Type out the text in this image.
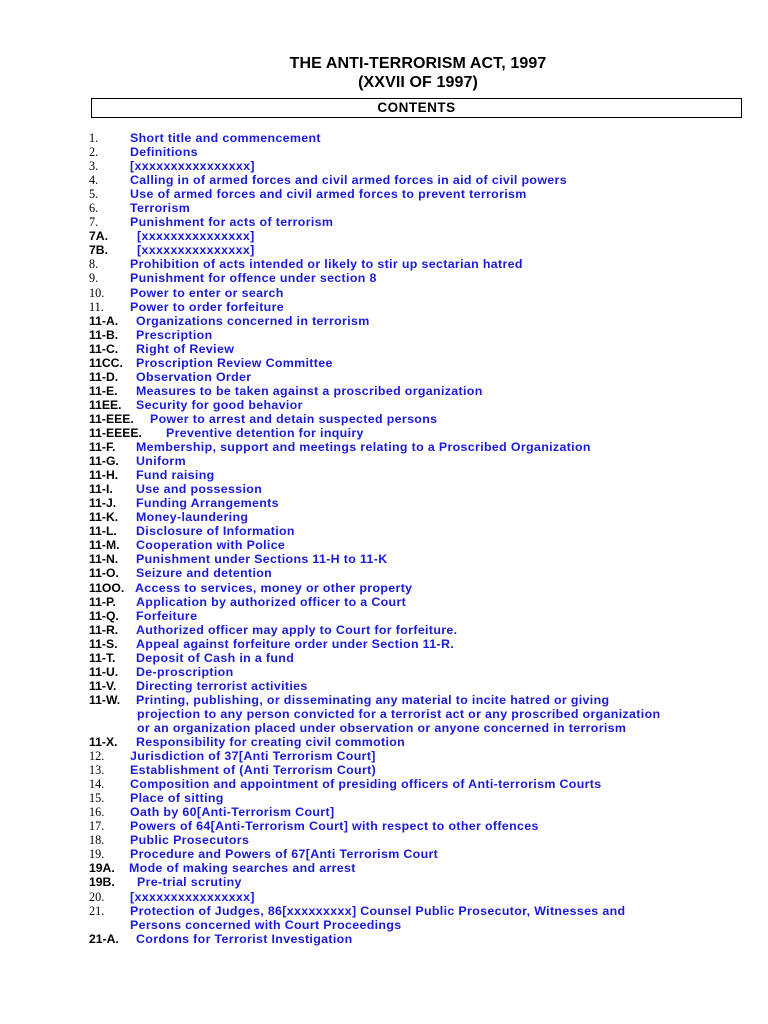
THE ANTI-TERRORISM ACT, 1997
(XXVII OF 1997)
CONTENTS
1.	Short title and commencement
2.	Definitions
3.	[xxxxxxxxxxxxxxxx]
4.	Calling in of armed forces and civil armed forces in aid of civil powers
5.	Use of armed forces and civil armed forces to prevent terrorism
6.	Terrorism
7.	Punishment for acts of terrorism
7A. [xxxxxxxxxxxxxxx]
7B. [xxxxxxxxxxxxxxx]
8.	Prohibition of acts intended or likely to stir up sectarian hatred
9.	Punishment for offence under section 8
10. Power to enter or search
11. Power to order forfeiture
11-A. Organizations concerned in terrorism
11-B. Prescription
11-C. Right of Review
11CC. Proscription Review Committee
11-D. Observation Order
11-E. Measures to be taken against a proscribed organization
11EE. Security for good behavior
11-EEE. Power to arrest and detain suspected persons
11-EEEE. Preventive detention for inquiry
11-F. Membership, support and meetings relating to a Proscribed Organization
11-G. Uniform
11-H. Fund raising
11-I. Use and possession
11-J. Funding Arrangements
11-K. Money-laundering
11-L. Disclosure of Information
11-M. Cooperation with Police
11-N. Punishment under Sections 11-H to 11-K
11-O. Seizure and detention
11OO. Access to services, money or other property
11-P. Application by authorized officer to a Court
11-Q. Forfeiture
11-R. Authorized officer may apply to Court for forfeiture.
11-S. Appeal against forfeiture order under Section 11-R.
11-T. Deposit of Cash in a fund
11-U. De-proscription
11-V. Directing terrorist activities
11-W. Printing, publishing, or disseminating any material to incite hatred or giving
projection to any person convicted for a terrorist act or any proscribed organization
or an organization placed under observation or anyone concerned in terrorism
11-X. Responsibility for creating civil commotion
12. Jurisdiction of 37[Anti Terrorism Court]
13. Establishment of (Anti Terrorism Court)
14. Composition and appointment of presiding officers of Anti-terrorism Courts
15. Place of sitting
16. Oath by 60[Anti-Terrorism Court]
17. Powers of 64[Anti-Terrorism Court] with respect to other offences
18. Public Prosecutors
19. Procedure and Powers of 67[Anti Terrorism Court
19A. Mode of making searches and arrest
19B. Pre-trial scrutiny
20. [xxxxxxxxxxxxxxxx]
21. Protection of Judges, 86[xxxxxxxxx] Counsel Public Prosecutor, Witnesses and
Persons concerned with Court Proceedings
21-A. Cordons for Terrorist Investigation
